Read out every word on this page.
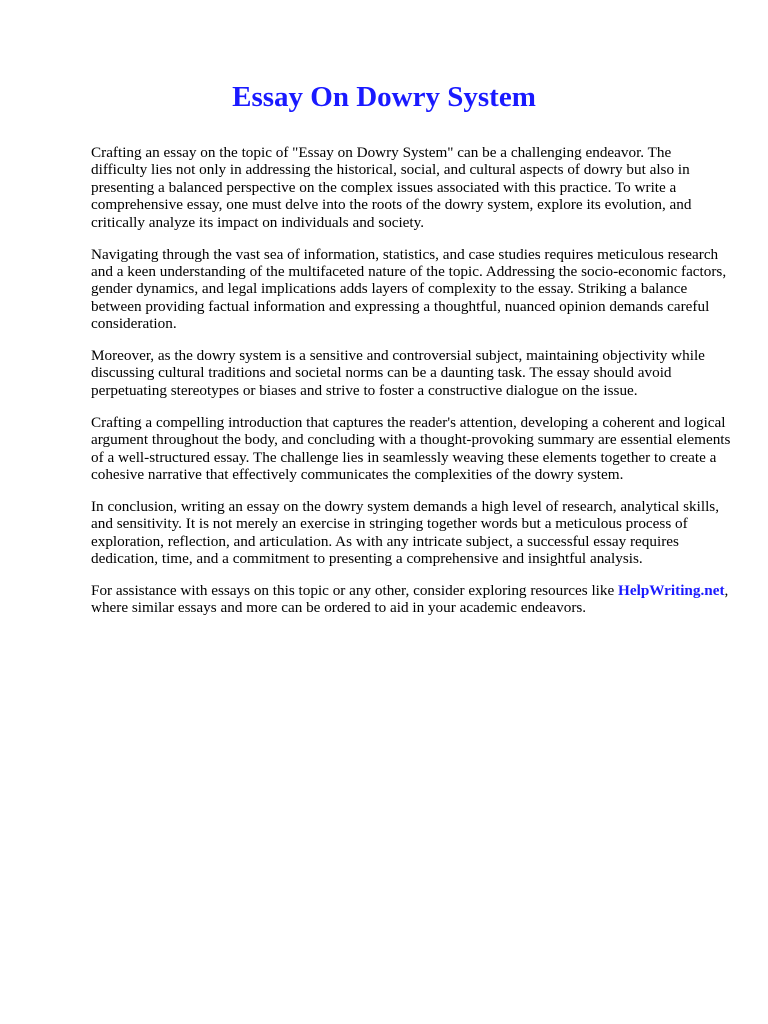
Essay On Dowry System

Crafting an essay on the topic of "Essay on Dowry System" can be a challenging endeavor. The difficulty lies not only in addressing the historical, social, and cultural aspects of dowry but also in presenting a balanced perspective on the complex issues associated with this practice. To write a comprehensive essay, one must delve into the roots of the dowry system, explore its evolution, and critically analyze its impact on individuals and society.

Navigating through the vast sea of information, statistics, and case studies requires meticulous research and a keen understanding of the multifaceted nature of the topic. Addressing the socio-economic factors, gender dynamics, and legal implications adds layers of complexity to the essay. Striking a balance between providing factual information and expressing a thoughtful, nuanced opinion demands careful consideration.

Moreover, as the dowry system is a sensitive and controversial subject, maintaining objectivity while discussing cultural traditions and societal norms can be a daunting task. The essay should avoid perpetuating stereotypes or biases and strive to foster a constructive dialogue on the issue.

Crafting a compelling introduction that captures the reader's attention, developing a coherent and logical argument throughout the body, and concluding with a thought-provoking summary are essential elements of a well-structured essay. The challenge lies in seamlessly weaving these elements together to create a cohesive narrative that effectively communicates the complexities of the dowry system.

In conclusion, writing an essay on the dowry system demands a high level of research, analytical skills, and sensitivity. It is not merely an exercise in stringing together words but a meticulous process of exploration, reflection, and articulation. As with any intricate subject, a successful essay requires dedication, time, and a commitment to presenting a comprehensive and insightful analysis.

For assistance with essays on this topic or any other, consider exploring resources like HelpWriting.net, where similar essays and more can be ordered to aid in your academic endeavors.
